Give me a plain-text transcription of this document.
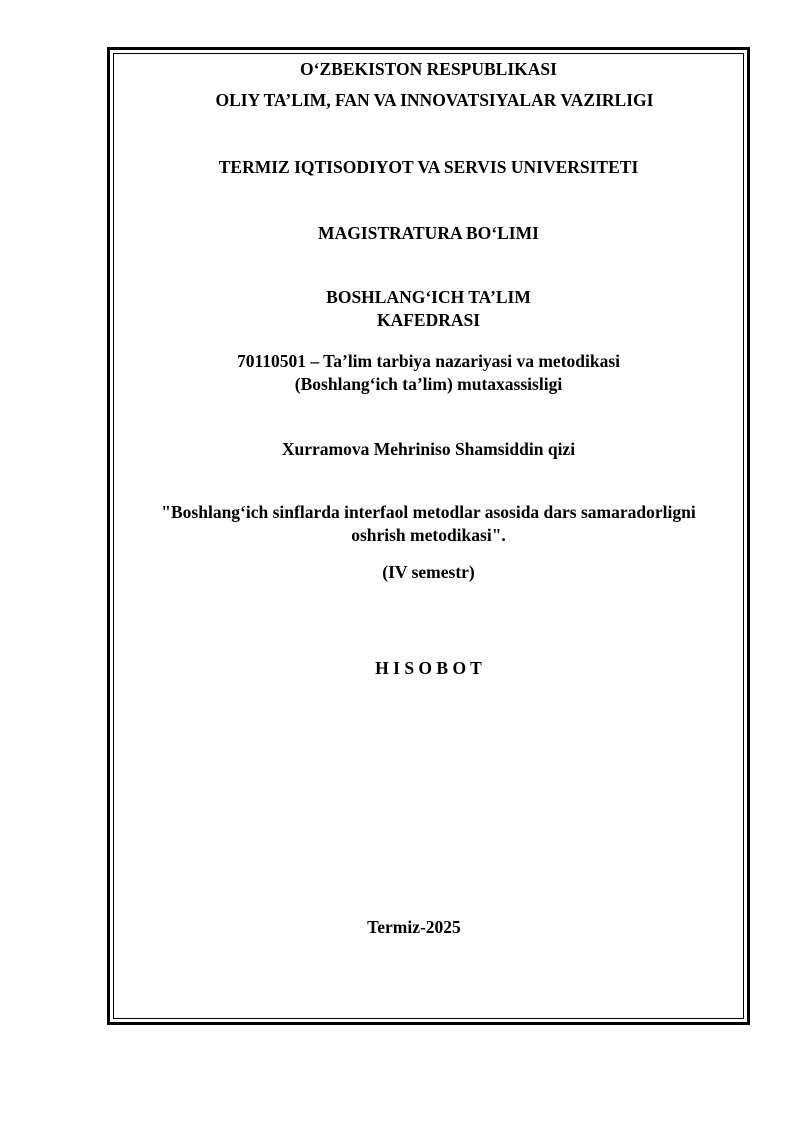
O‘ZBEKISTON RESPUBLIKASI
OLIY TA’LIM, FAN VA INNOVATSIYALAR VAZIRLIGI
TERMIZ IQTISODIYOT VA SERVIS UNIVERSITETI
MAGISTRATURA BO‘LIMI
BOSHLANG‘ICH TA’LIM
KAFEDRASI
70110501 – Ta’lim tarbiya nazariyasi va metodikasi
(Boshlang‘ich ta’lim) mutaxassisligi
Xurramova Mehriniso Shamsiddin qizi
"Boshlang‘ich sinflarda interfaol metodlar asosida dars samaradorligni
oshrish metodikasi".
(IV semestr)
H I S O B O T
Termiz-2025
